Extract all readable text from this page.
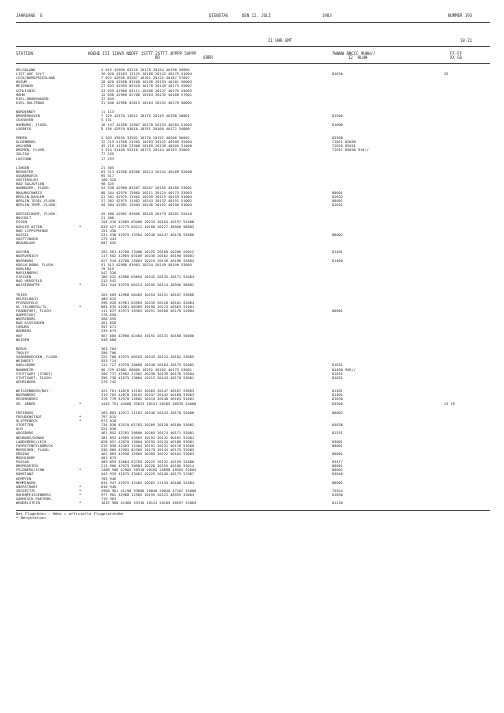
JAHRGANG  6

	DIENSTAG

	DEN 12. JULI

	1983

	NUMMER 193

21 UHR GMT	18-21
STATION	HOEHE III IIHVV NDDFF 1STTT 2STTT 4PPPP 5APPP
RR                  6RRR
7WWWW 8NCCC 9HHH//
12  HLHH
FF-FF
XX GG
HELGOLAND	4 015 42960 03116 10170 20154 40198 54004
LIST AUF SYLT	26 020 43263 13125 10168 20142 40179 51004	81630	25
LECK/NORDFRIESLAND	7 022 42958 03207 10162 20125 40187 57007
HUSUM	28 026 42958 03108 10158 20153 40181 56003
MEIERWIK	27 033 42959 05318 10178 20149 40173 55007
SCHLESWIG	43 035 42960 03111 10166 20137 40176 54003
HOHN	12 038 42960 02706 10164 20135 40180 57001
KIEL-HRONSHAGEN	17 045
KIEL-HOLTENAU	31 046 42960 02813 10164 20131 40176 58002
NORDERNEY	11 113
BREMERHAVEN	7 129 42570 13012 10176 20149 40198 50001	81500
CUXHAVEN	5 131
HAMBURG, FLUGH.	16 147 42358 12907 10170 20153 40184 51003	81600
LUEBECK	8 156 42970 03010 10191 20160 40172 54000
EMDEN	5 203 43556 33502 10170 20152 40206 56002	83500
OLDENBURG	12 215 41350 23205 10163 20132 40209 52004	71011 82600
AHLHORN	49 216 41350 23308 10169 20139 40205 51000	71010 85501
BREMEN, FLUGH.	3 224 41450 53310 10173 20144 40193 53003	71011 85600 910//
SOLTAU	77 235
LUECHOW	17 253
LINGEN	21 305
MUENSTER	63 313 42958 03506 10214 20141 40189 52008
OSNABRUECK	95 317
GUETERSLOH	100 320
BAD SALZUFLEN	98 325
HANNOVER, FLUGH.	54 338 42968 03207 10207 20155 40185 53001
BRAUNSCHWEIG	88 344 42970 13005 10211 20124 40175 52003	80001
BERLIN-DAHLEM	51 381 42975 13402 10239 20119 40153 51004	81032
BERLIN-TEGEL,FLUGH.	37 382 42975 13402 10243 20132 40151 51002	80001
BERLIN-TEMP.,FLUGH.	50 384 42981 13403 10246 20152 40150 51004	81031
DUESSELDORF, FLUGH.	45 400 42962 03606 10249 20179 40201 52010
BOCHOLT	21 406
ESSEN	154 410 42965 03406 10234 20164 40197 51008
KAHLER ASTEN	*	839 427 42775 03212 10188 20127 48560 56003
BAD LIPPSPRINGE	151 430
KASSEL	231 438 42975 13304 10246 20147 40178 55000	80002
GOETTINGEN	175 444
BRAUNLAGE	607 452
AACHEN	202 501 42768 13406 10225 20160 40206 53012	81401
NOERVENICH	117 502 42965 03106 10236 20162 40190 55001
NUERBURG	627 510 42768 13603 10215 20149 40196 53004	81400
KOELN-BONN, FLUGH.	91 513 42968 03603 10234 20149 40190 53005
KOBLENZ	70 515
MARIENBERG	547 526
GIESSEN	186 532 42966 03604 10242 20135 40171 51004
BAD HERSFELD	212 542
WASSERKUPPE	*	921 544 42970 00214 10195 20114 48556 58001
TRIER	265 609 42968 00405 10254 20151 40187 53008
DEUSELBACH	480 615
PFERDSFELD	396 626 42961 03503 10235 20128 40181 52004
KL.FELDBERG/TS.	*	805 635 42981 00309 10196 20123 48563 51001
FRANKFURT, FLUGH.	111 637 42973 10303 10251 20160 40178 51004	80001
DARMSTADT	178 650
WUERZBURG	268 655
BAD KISSINGEN	262 658
COBURG	357 671
BAMBERG	239 675
HOF	567 685 42968 02404 10192 20131 40168 55000
WEIDEN	438 688
BERUS	363 704
THOLEY	396 706
SAARBRUECKEN, FLUGH.	322 708 42975 00203 10243 20124 40182 53005
WEINBIET	553 724
KARLSRUHE	112 727 42970 20000 10240 20164 40175 52002	81031
MANNHEIM	96 729 42881 60000 10252 20182 40173 53001	84460 956//
STUTTGART (STADT)	286 737 42962 22302 10230 20139 40176 53004	81031
STUTTGART, FLUGH.	396 738 42975 13004 10213 20143 40178 53001	81031
OEHRINGEN	276 742
WEISSENBURG/BAY.	422 761 42870 12102 10203 20147 40167 53003	81401
NUERNBERG	319 763 42870 10102 10237 20142 40168 53003	81401
REGENSBURG	376 776 42970 13602 10210 20140 40163 51001	81030
GR. ARBER	*	1445 791 44568 33623 10151 20105 48539 54000	83500	23 29
FREIBURG	269 803 42972 11103 10246 20143 40170 52008	80002
FREUDENSTADT	*	797 815
KLIPPENECK	*	973 818
STOETTEN	734 836 42570 62703 10209 20128 40180 53002	84630
ULM	522 838
AUGSBURG	461 852 42765 20000 10205 20174 40171 52001	81531
NEUBURG/DONAU	381 853 42965 02903 10192 20142 40181 51001
LANDSBERG/LECH	628 857 42870 13004 10192 20134 40188 53001	83001
FUERSTENFELDBRUCK	519 858 42463 12404 10191 20131 40176 51000	80001
MUENCHEN, FLUGH.	530 866 42965 02305 10179 20144 40175 52003
ERDING	462 869 42958 12605 10205 20122 40164 53003	80001
MUEHLDORF	401 875
PASSAU	409 893 42864 82703 10225 20132 40159 52000	8347/
BREMGARTEN	213 900 42975 30903 10228 20155 40186 53014	80001
FELDBERG/SCHW.	*	1486 908 42982 20910 10165 20098 48564 52004	80002
KONSTANZ	443 929 42975 33401 10229 20140 40175 57007	83040
KEMPTEN	705 946
MEMMINGEN	634 947 42975 32404 10201 21134 40188 52004	80001
OBERSTDORF	*	810 948
ZUGSPITZE	*	2960 961 41/00 93608 10040 20040 47162 54000	74544
HOHENPEISSENBERG	*	977 962 42968 12505 10195 20123 48555 53004	81030
GARMISCH-PARTENK.	719 963
WENDELSTEIN	*	1832 980 42466 53316 10124 20105 48557 53004	81230
Bei Flughäfen : Höhe = offizielle Flugplatzhöhe
* Bergstation
